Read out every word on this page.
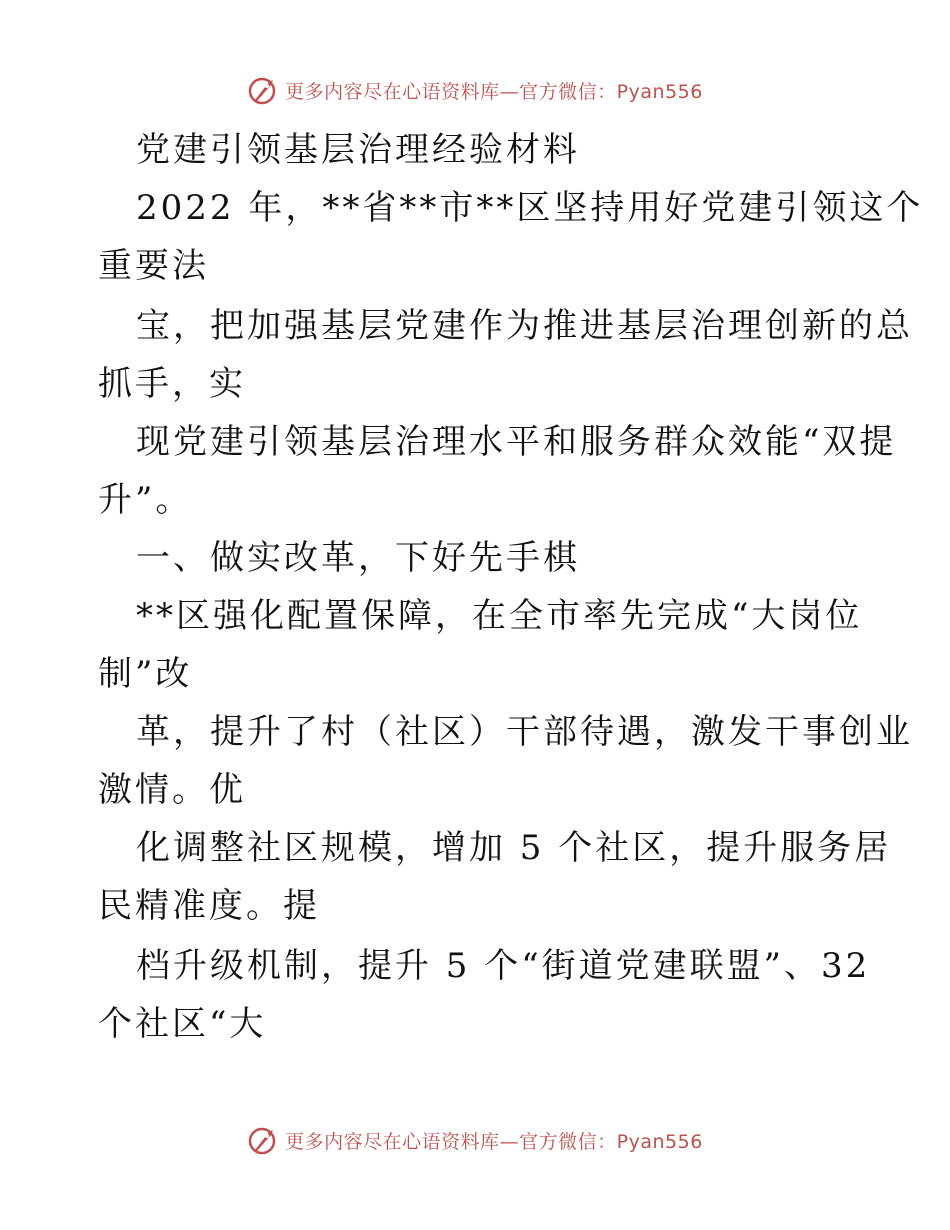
更多内容尽在心语资料库—官方微信：Pyan556
党建引领基层治理经验材料
2022 年，**省**市**区坚持用好党建引领这个
重要法
宝，把加强基层党建作为推进基层治理创新的总
抓手，实
现党建引领基层治理水平和服务群众效能“双提
升”。
一、做实改革，下好先手棋
**区强化配置保障，在全市率先完成“大岗位
制”改
革，提升了村（社区）干部待遇，激发干事创业
激情。优
化调整社区规模，增加 5 个社区，提升服务居
民精准度。提
档升级机制，提升 5 个“街道党建联盟”、32
个社区“大
更多内容尽在心语资料库—官方微信：Pyan556
